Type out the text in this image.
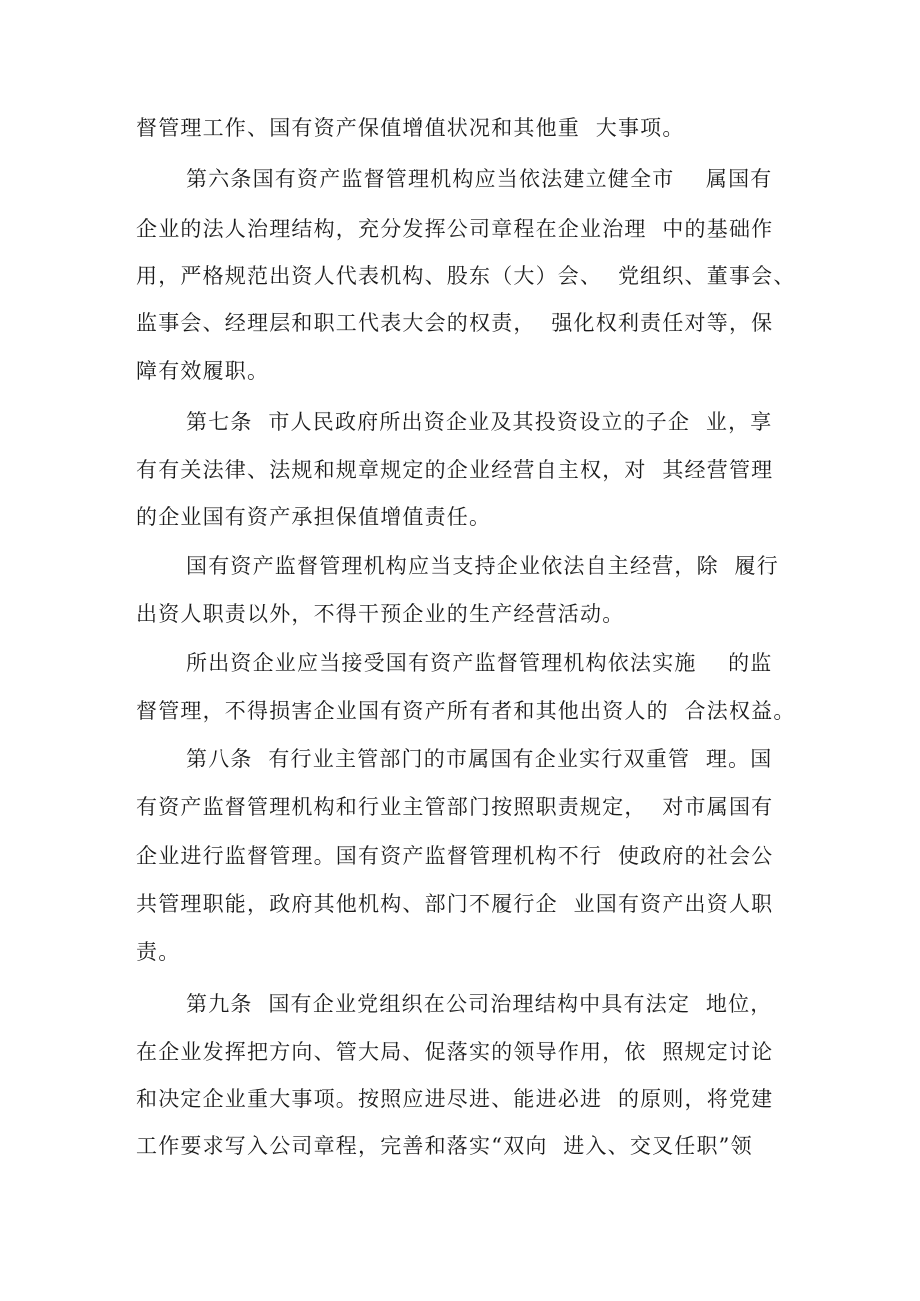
督管理工作、国有资产保值增值状况和其他重  大事项。
第六条国有资产监督管理机构应当依法建立健全市    属国有
企业的法人治理结构，充分发挥公司章程在企业治理  中的基础作
用，严格规范出资人代表机构、股东（大）会、  党组织、董事会、
监事会、经理层和职工代表大会的权责，  强化权利责任对等，保
障有效履职。
第七条  市人民政府所出资企业及其投资设立的子企  业，享
有有关法律、法规和规章规定的企业经营自主权，对  其经营管理
的企业国有资产承担保值增值责任。
国有资产监督管理机构应当支持企业依法自主经营，除  履行
出资人职责以外，不得干预企业的生产经营活动。
所出资企业应当接受国有资产监督管理机构依法实施    的监
督管理，不得损害企业国有资产所有者和其他出资人的  合法权益。
第八条  有行业主管部门的市属国有企业实行双重管  理。国
有资产监督管理机构和行业主管部门按照职责规定，  对市属国有
企业进行监督管理。国有资产监督管理机构不行  使政府的社会公
共管理职能，政府其他机构、部门不履行企  业国有资产出资人职
责。
第九条  国有企业党组织在公司治理结构中具有法定  地位，
在企业发挥把方向、管大局、促落实的领导作用，依  照规定讨论
和决定企业重大事项。按照应进尽进、能进必进  的原则，将党建
工作要求写入公司章程，完善和落实“双向  进入、交叉任职”领
